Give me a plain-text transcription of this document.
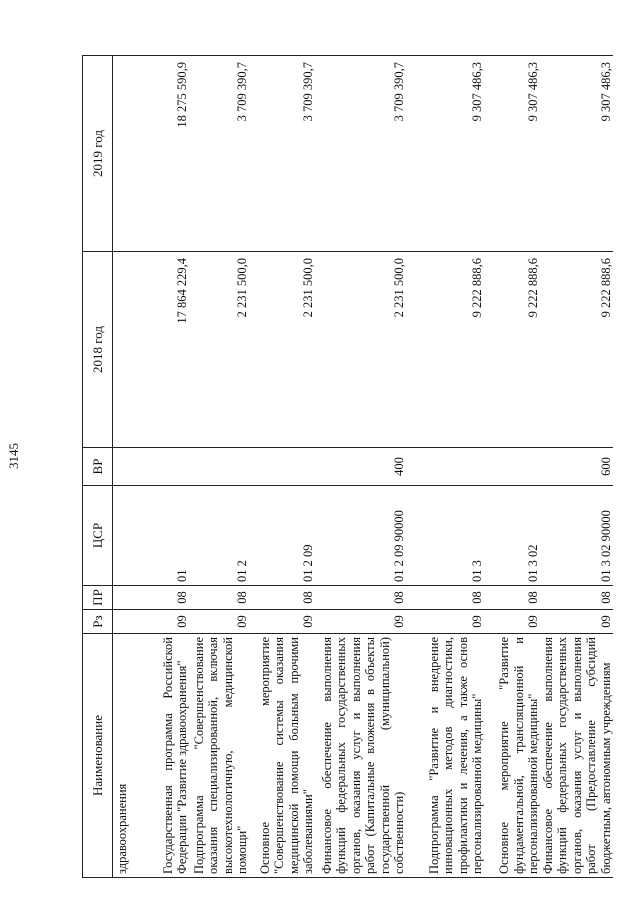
3145
Наименование	Рз	ПР	ЦСР	ВР	2018 год	2019 год
здравоохранения						
Государственная программа Российской Федерации "Развитие здравоохранения"	09	08	01		17 864 229,4	18 275 590,9
Подпрограмма "Совершенствование оказания специализированной, включая высокотехнологичную, медицинской помощи"	09	08	01 2		2 231 500,0	3 709 390,7
Основное мероприятие "Совершенствование системы оказания медицинской помощи больным прочими заболеваниями"	09	08	01 2 09		2 231 500,0	3 709 390,7
Финансовое обеспечение выполнения функций федеральных государственных органов, оказания услуг и выполнения работ (Капитальные вложения в объекты государственной (муниципальной) собственности)	09	08	01 2 09 90000	400	2 231 500,0	3 709 390,7
Подпрограмма "Развитие и внедрение инновационных методов диагностики, профилактики и лечения, а также основ персонализированной медицины"	09	08	01 3		9 222 888,6	9 307 486,3
Основное мероприятие "Развитие фундаментальной, трансляционной и персонализированной медицины"	09	08	01 3 02		9 222 888,6	9 307 486,3
Финансовое обеспечение выполнения функций федеральных государственных органов, оказания услуг и выполнения работ (Предоставление субсидий бюджетным, автономным учреждениям	09	08	01 3 02 90000	600	9 222 888,6	9 307 486,3
